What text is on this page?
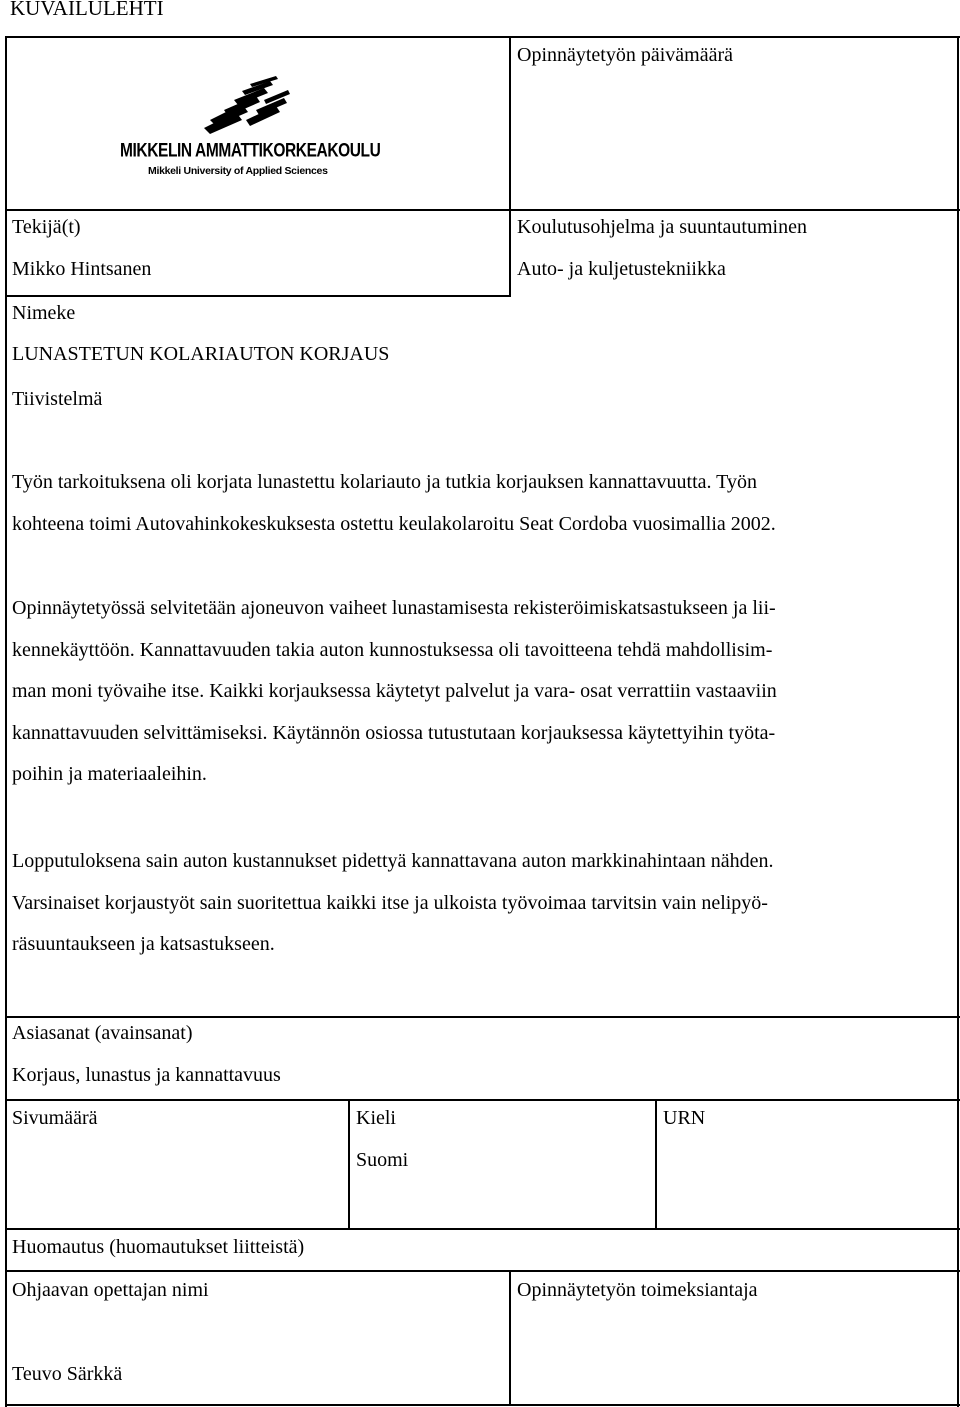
KUVAILULEHTI
Opinnäytetyön päivämäärä
MIKKELIN AMMATTIKORKEAKOULU
Mikkeli University of Applied Sciences
Tekijä(t)
Mikko Hintsanen
Koulutusohjelma ja suuntautuminen
Auto- ja kuljetustekniikka
Nimeke
LUNASTETUN KOLARIAUTON KORJAUS
Tiivistelmä
Työn tarkoituksena oli korjata lunastettu kolariauto ja tutkia korjauksen kannattavuutta. Työn
kohteena toimi Autovahinkokeskuksesta ostettu keulakolaroitu Seat Cordoba vuosimallia 2002.
Opinnäytetyössä selvitetään ajoneuvon vaiheet lunastamisesta rekisteröimiskatsastukseen ja lii-
kennekäyttöön. Kannattavuuden takia auton kunnostuksessa oli tavoitteena tehdä mahdollisim-
man moni työvaihe itse. Kaikki korjauksessa käytetyt palvelut ja vara- osat verrattiin vastaaviin
kannattavuuden selvittämiseksi. Käytännön osiossa tutustutaan korjauksessa käytettyihin työta-
poihin ja materiaaleihin.
Lopputuloksena sain auton kustannukset pidettyä kannattavana auton markkinahintaan nähden.
Varsinaiset korjaustyöt sain suoritettua kaikki itse ja ulkoista työvoimaa tarvitsin vain nelipyö-
räsuuntaukseen ja katsastukseen.
Asiasanat (avainsanat)
Korjaus, lunastus ja kannattavuus
Sivumäärä	Kieli
Suomi
URN
Huomautus (huomautukset liitteistä)
Ohjaavan opettajan nimi
Teuvo Särkkä
Opinnäytetyön toimeksiantaja
